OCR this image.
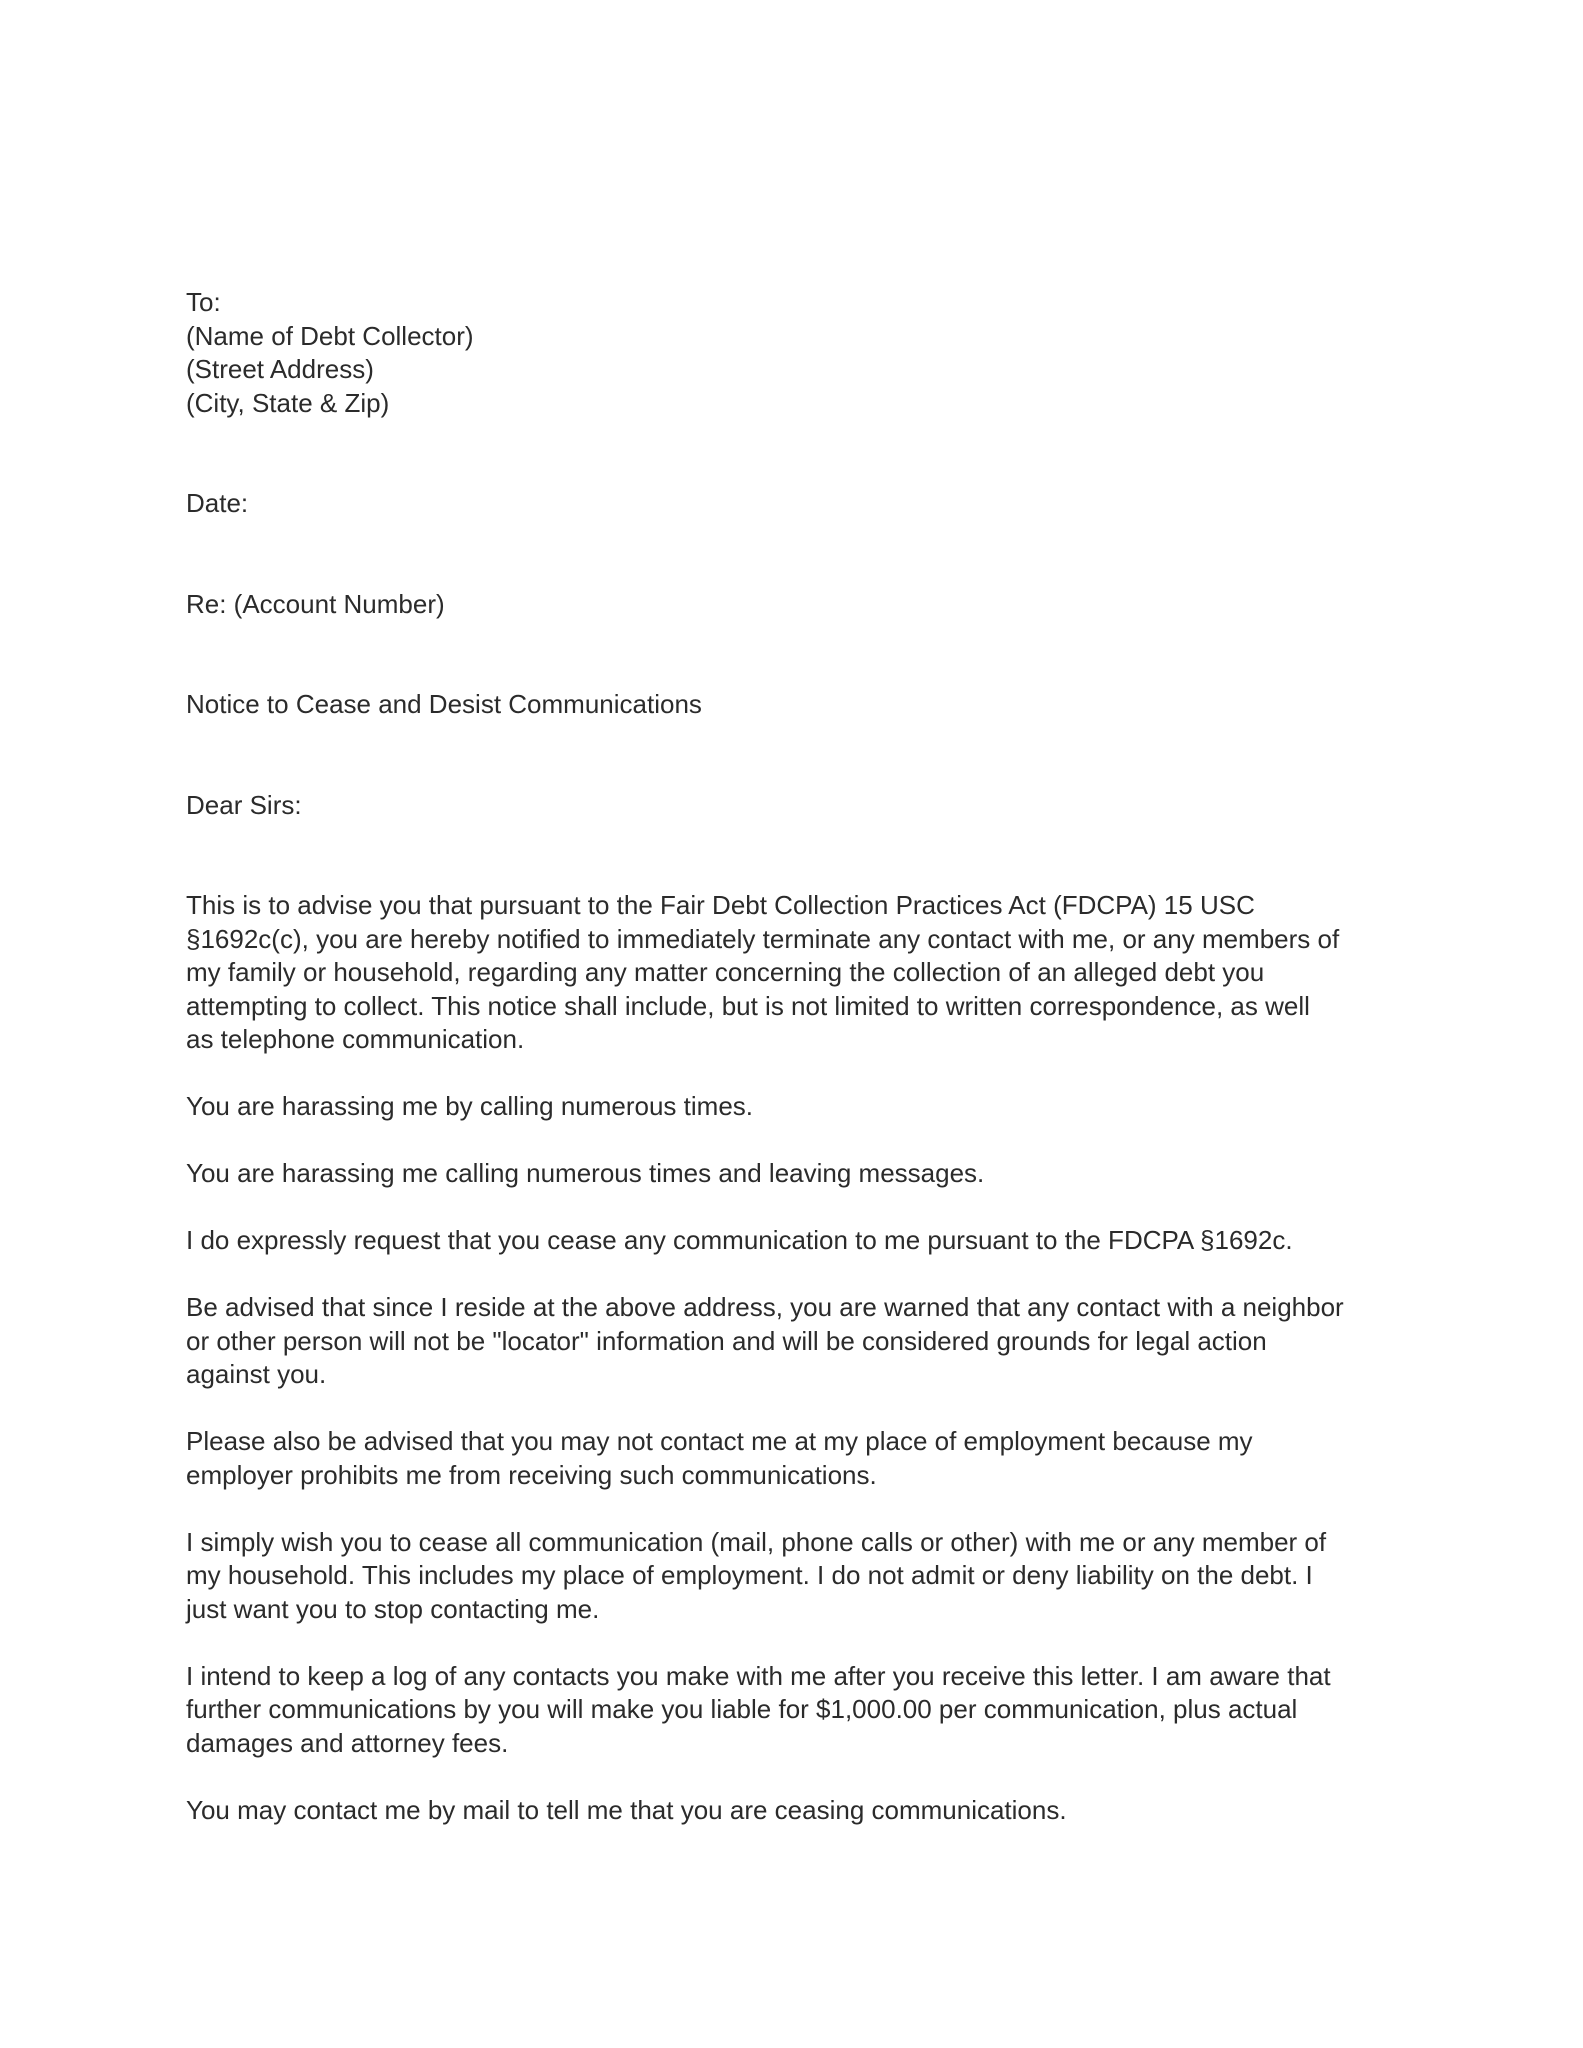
To:
(Name of Debt Collector)
(Street Address)
(City, State & Zip)
Date:
Re: (Account Number)
Notice to Cease and Desist Communications
Dear Sirs:
This is to advise you that pursuant to the Fair Debt Collection Practices Act (FDCPA) 15 USC
§1692c(c), you are hereby notified to immediately terminate any contact with me, or any members of
my family or household, regarding any matter concerning the collection of an alleged debt you
attempting to collect. This notice shall include, but is not limited to written correspondence, as well
as telephone communication.
You are harassing me by calling numerous times.
You are harassing me calling numerous times and leaving messages.
I do expressly request that you cease any communication to me pursuant to the FDCPA §1692c.
Be advised that since I reside at the above address, you are warned that any contact with a neighbor
or other person will not be "locator" information and will be considered grounds for legal action
against you.
Please also be advised that you may not contact me at my place of employment because my
employer prohibits me from receiving such communications.
I simply wish you to cease all communication (mail, phone calls or other) with me or any member of
my household. This includes my place of employment. I do not admit or deny liability on the debt. I
just want you to stop contacting me.
I intend to keep a log of any contacts you make with me after you receive this letter. I am aware that
further communications by you will make you liable for $1,000.00 per communication, plus actual
damages and attorney fees.
You may contact me by mail to tell me that you are ceasing communications.
